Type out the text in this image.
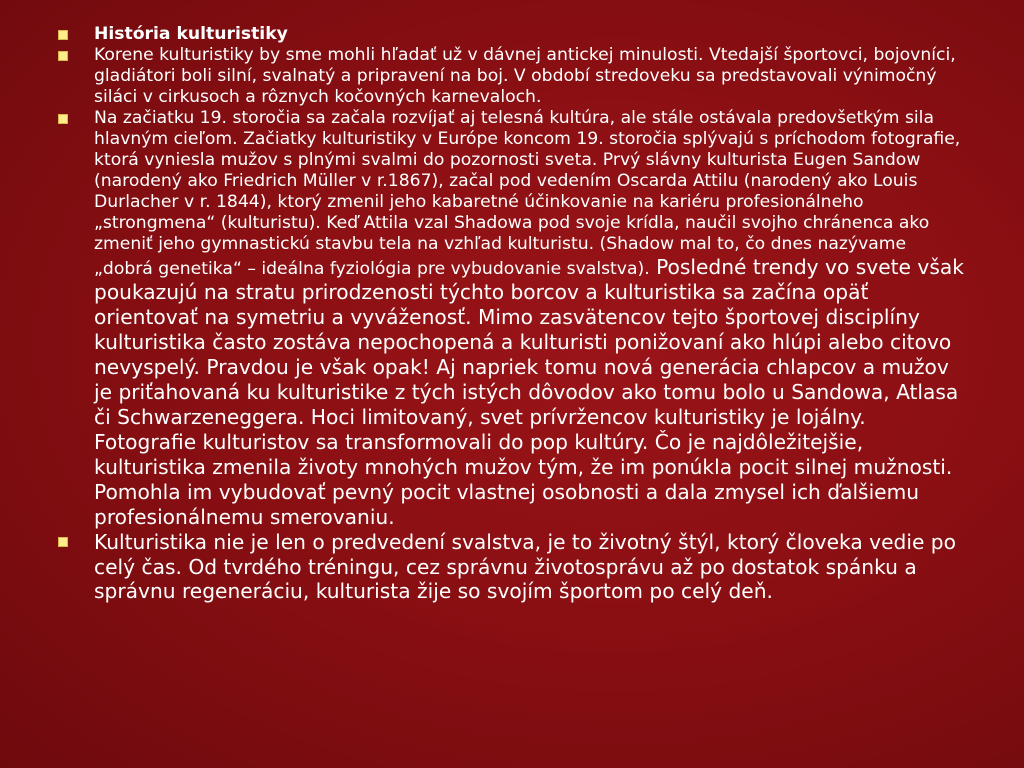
História kulturistiky
Korene kulturistiky by sme mohli hľadať už v dávnej antickej minulosti. Vtedajší športovci, bojovníci, gladiátori boli silní, svalnatý a pripravení na boj. V období stredoveku sa predstavovali výnimočný siláci v cirkusoch a rôznych kočovných karnevaloch.
Na začiatku 19. storočia sa začala rozvíjať aj telesná kultúra, ale stále ostávala predovšetkým sila hlavným cieľom. Začiatky kulturistiky v Európe koncom 19. storočia splývajú s príchodom fotografie, ktorá vyniesla mužov s plnými svalmi do pozornosti sveta. Prvý slávny kulturista Eugen Sandow (narodený ako Friedrich Müller v r.1867), začal pod vedením Oscarda Attilu (narodený ako Louis Durlacher v r. 1844), ktorý zmenil jeho kabaretné účinkovanie na kariéru profesionálneho „strongmena“ (kulturistu). Keď Attila vzal Shadowa pod svoje krídla, naučil svojho chránenca ako zmeniť jeho gymnastickú stavbu tela na vzhľad kulturistu. (Shadow mal to, čo dnes nazývame „dobrá genetika“ – ideálna fyziológia pre vybudovanie svalstva). Posledné trendy vo svete však poukazujú na stratu prirodzenosti týchto borcov a kulturistika sa začína opäť orientovať na symetriu a vyváženosť. Mimo zasvätencov tejto športovej disciplíny kulturistika často zostáva nepochopená a kulturisti ponižovaní ako hlúpi alebo citovo nevyspelý. Pravdou je však opak! Aj napriek tomu nová generácia chlapcov a mužov je priťahovaná ku kulturistike z tých istých dôvodov ako tomu bolo u Sandowa, Atlasa či Schwarzeneggera. Hoci limitovaný, svet prívržencov kulturistiky je lojálny. Fotografie kulturistov sa transformovali do pop kultúry. Čo je najdôležitejšie, kulturistika zmenila životy mnohých mužov tým, že im ponúkla pocit silnej mužnosti. Pomohla im vybudovať pevný pocit vlastnej osobnosti a dala zmysel ich ďalšiemu profesionálnemu smerovaniu.
Kulturistika nie je len o predvedení svalstva, je to životný štýl, ktorý človeka vedie po celý čas. Od tvrdého tréningu, cez správnu životosprávu až po dostatok spánku a správnu regeneráciu, kulturista žije so svojím športom po celý deň.
